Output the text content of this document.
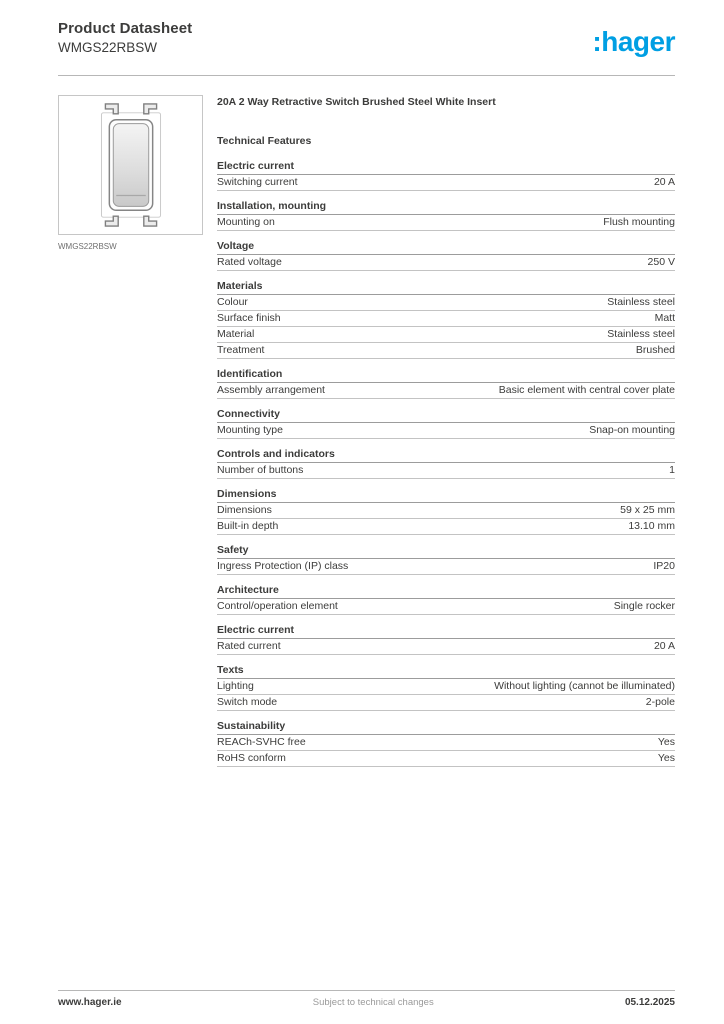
Product Datasheet
WMGS22RBSW	:hager
WMGS22RBSW
20A 2 Way Retractive Switch Brushed Steel White Insert
Technical Features
Electric current
Switching current	20 A
Installation, mounting
Mounting on	Flush mounting
Voltage
Rated voltage	250 V
Materials
Colour	Stainless steel
Surface finish	Matt
Material	Stainless steel
Treatment	Brushed
Identification
Assembly arrangement	Basic element with central cover plate
Connectivity
Mounting type	Snap-on mounting
Controls and indicators
Number of buttons	1
Dimensions
Dimensions	59 x 25 mm
Built-in depth	13.10 mm
Safety
Ingress Protection (IP) class	IP20
Architecture
Control/operation element	Single rocker
Electric current
Rated current	20 A
Texts
Lighting	Without lighting (cannot be illuminated)
Switch mode	2-pole
Sustainability
REACh-SVHC free	Yes
RoHS conform	Yes
www.hager.ie	Subject to technical changes	05.12.2025
